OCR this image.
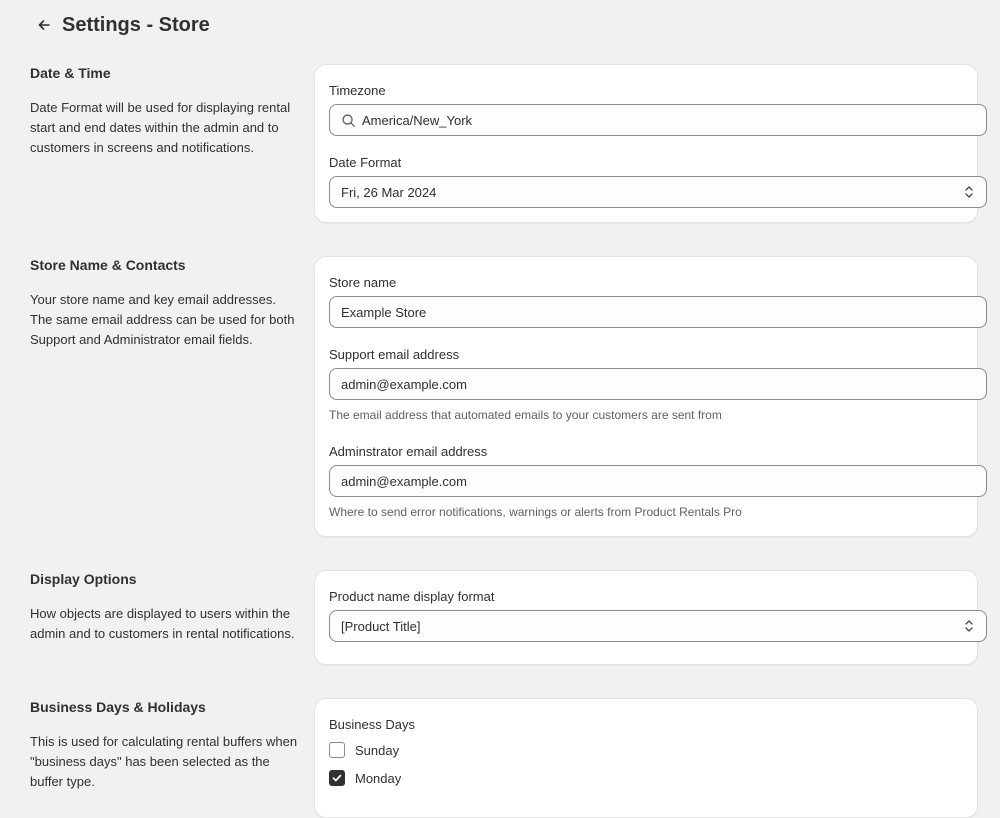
Settings - Store
Date & Time

Date Format will be used for displaying rental start and end dates within the admin and to customers in screens and notifications.

Timezone
America/New_York
Date Format
Fri, 26 Mar 2024
Store Name & Contacts

Your store name and key email addresses. The same email address can be used for both Support and Administrator email fields.

Store name
Example Store
Support email address
admin@example.com
The email address that automated emails to your customers are sent from
Adminstrator email address
admin@example.com
Where to send error notifications, warnings or alerts from Product Rentals Pro
Display Options

How objects are displayed to users within the admin and to customers in rental notifications.

Product name display format
[Product Title]
Business Days & Holidays

This is used for calculating rental buffers when "business days" has been selected as the buffer type.

Business Days
Sunday
Monday
